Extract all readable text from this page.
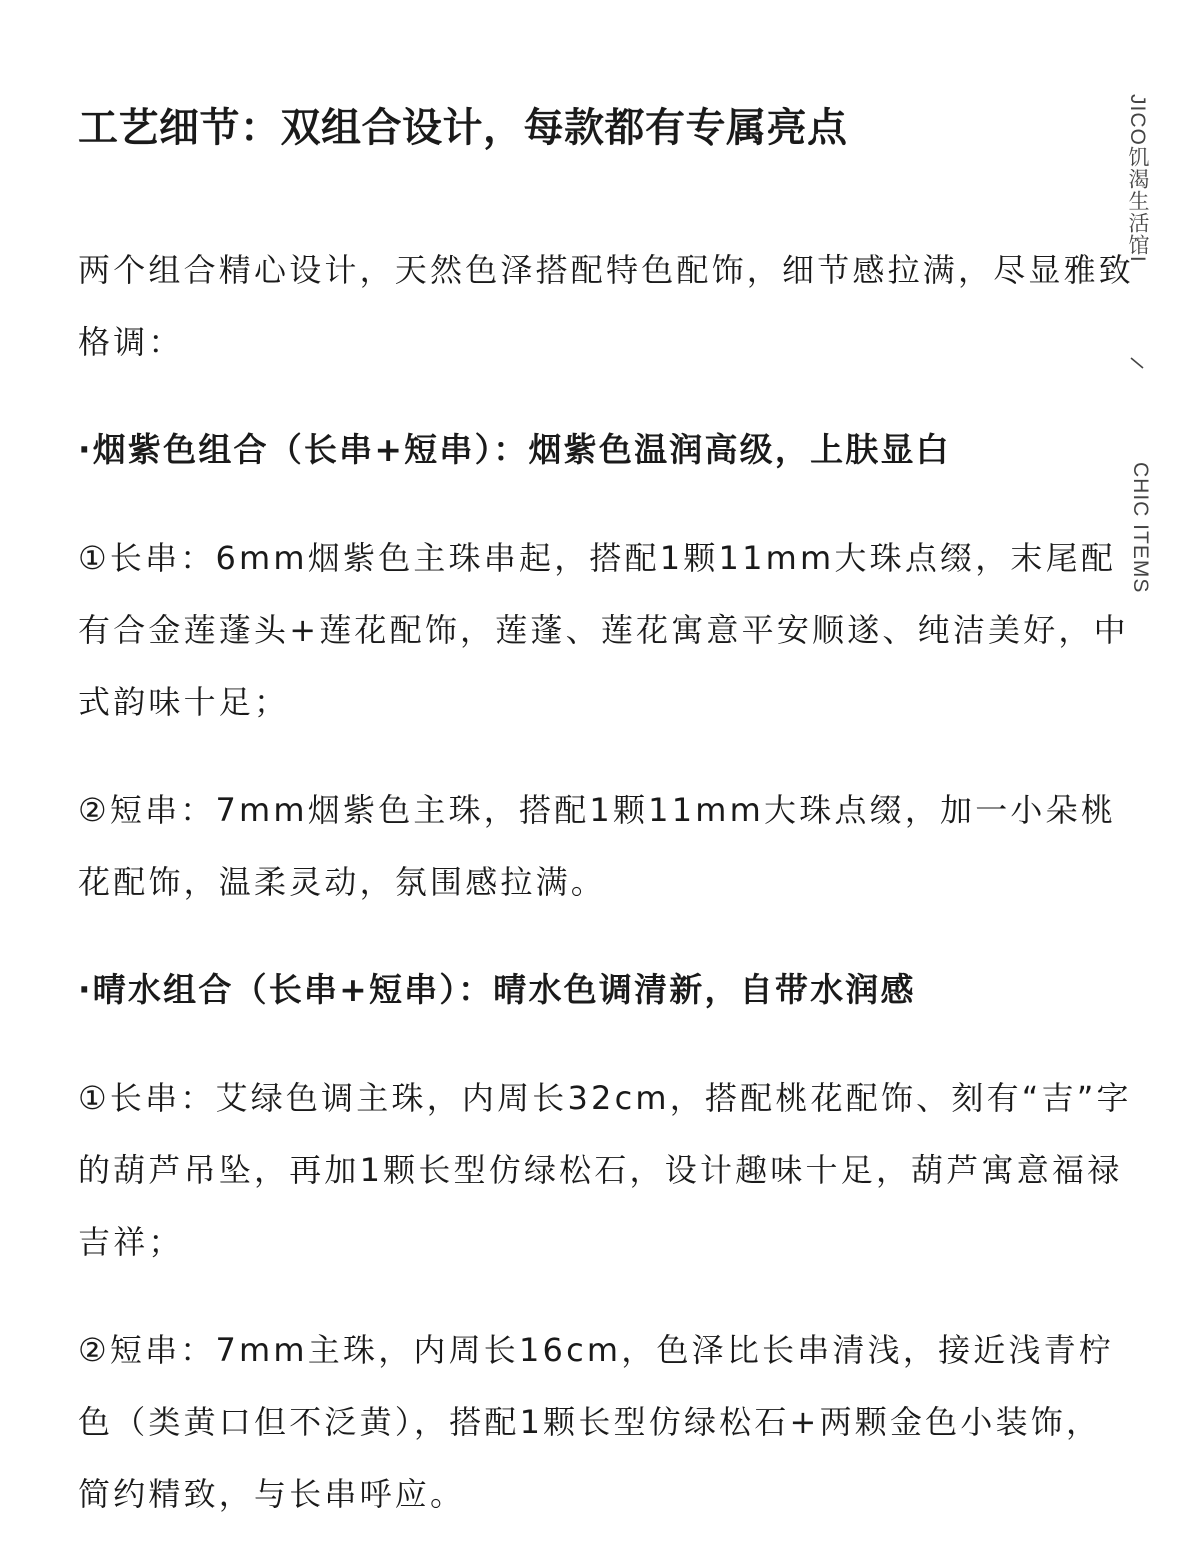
工艺细节：双组合设计，每款都有专属亮点

两个组合精心设计，天然色泽搭配特色配饰，细节感拉满，尽显雅致格调：

·烟紫色组合（长串+短串）：烟紫色温润高级，上肤显白

①长串：6mm烟紫色主珠串起，搭配1颗11mm大珠点缀，末尾配有合金莲蓬头+莲花配饰，莲蓬、莲花寓意平安顺遂、纯洁美好，中式韵味十足；

②短串：7mm烟紫色主珠，搭配1颗11mm大珠点缀，加一小朵桃花配饰，温柔灵动，氛围感拉满。

·晴水组合（长串+短串）：晴水色调清新，自带水润感

①长串：艾绿色调主珠，内周长32cm，搭配桃花配饰、刻有“吉”字的葫芦吊坠，再加1颗长型仿绿松石，设计趣味十足，葫芦寓意福禄吉祥；

②短串：7mm主珠，内周长16cm，色泽比长串清浅，接近浅青柠色（类黄口但不泛黄），搭配1颗长型仿绿松石+两颗金色小装饰，简约精致，与长串呼应。

JICO饥渴生活馆I
CHIC ITEMS
